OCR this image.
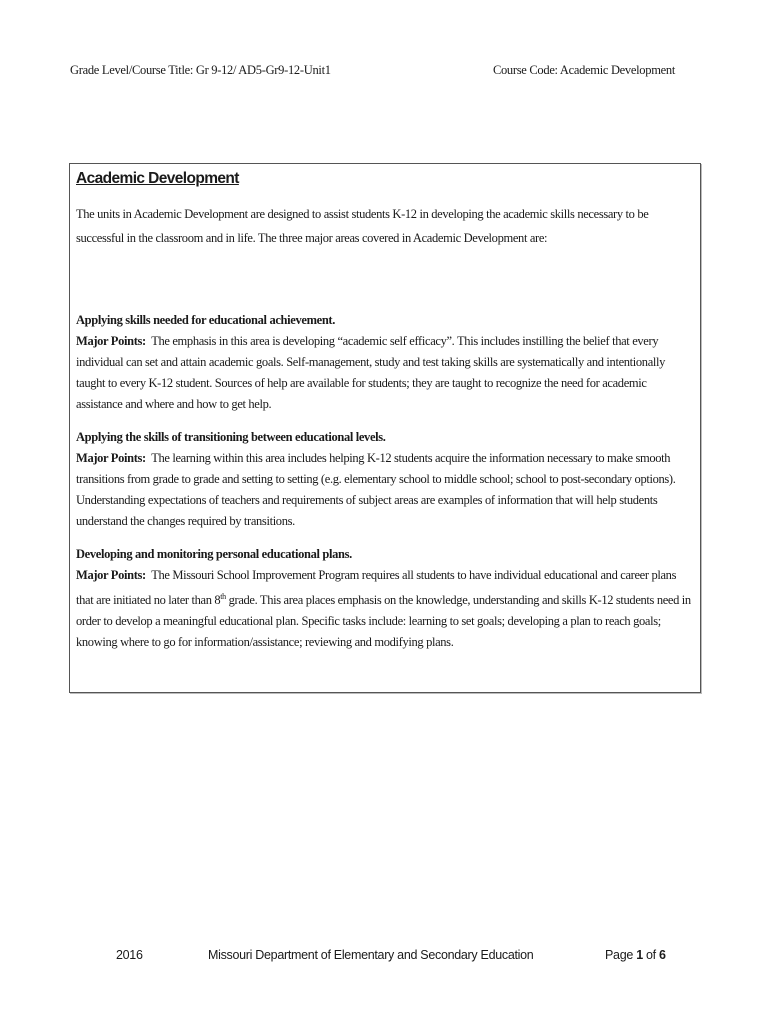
Grade Level/Course Title: Gr 9-12/ AD5-Gr9-12-Unit1	Course Code: Academic Development
Academic Development

The units in Academic Development are designed to assist students K-12 in developing the academic skills necessary to be successful in the classroom and in life. The three major areas covered in Academic Development are:

Applying skills needed for educational achievement.
Major Points: The emphasis in this area is developing “academic self efficacy”. This includes instilling the belief that every individual can set and attain academic goals. Self-management, study and test taking skills are systematically and intentionally taught to every K-12 student. Sources of help are available for students; they are taught to recognize the need for academic assistance and where and how to get help.

Applying the skills of transitioning between educational levels.
Major Points: The learning within this area includes helping K-12 students acquire the information necessary to make smooth transitions from grade to grade and setting to setting (e.g. elementary school to middle school; school to post-secondary options). Understanding expectations of teachers and requirements of subject areas are examples of information that will help students understand the changes required by transitions.

Developing and monitoring personal educational plans.
Major Points: The Missouri School Improvement Program requires all students to have individual educational and career plans that are initiated no later than 8th grade. This area places emphasis on the knowledge, understanding and skills K-12 students need in order to develop a meaningful educational plan. Specific tasks include: learning to set goals; developing a plan to reach goals; knowing where to go for information/assistance; reviewing and modifying plans.

2016	Missouri Department of Elementary and Secondary Education	Page 1 of 6
